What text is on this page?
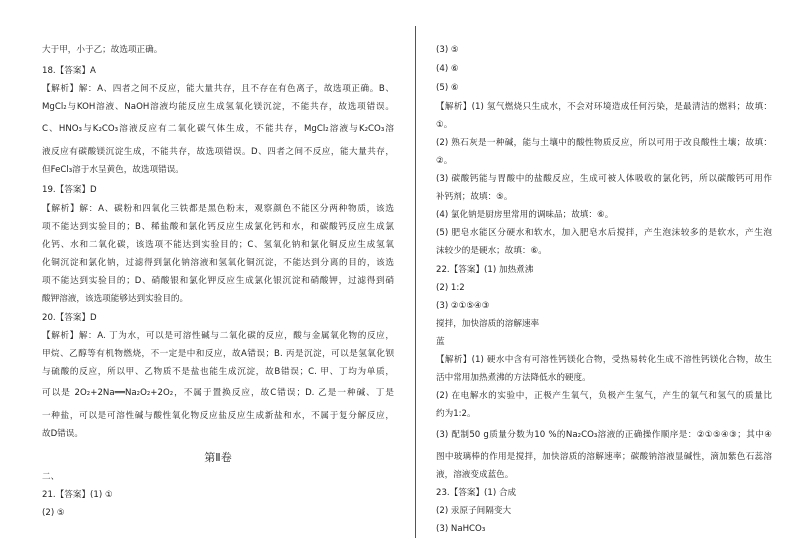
大于甲，小于乙；故选项正确。
18.【答案】A
【解析】解：A、四者之间不反应，能大量共存，且不存在有色离子，故选项正确。B、
MgCl₂与KOH溶液、NaOH溶液均能反应生成氢氧化镁沉淀，不能共存，故选项错误。
C、HNO₃与K₂CO₃溶液反应有二氧化碳气体生成，不能共存，MgCl₂溶液与K₂CO₃溶
液反应有碳酸镁沉淀生成，不能共存，故选项错误。D、四者之间不反应，能大量共存，
但FeCl₃溶于水呈黄色，故选项错误。
19.【答案】D
【解析】解：A、碳粉和四氧化三铁都是黑色粉末，观察颜色不能区分两种物质，该选
项不能达到实验目的；B、稀盐酸和氯化钙反应生成氯化钙和水，和碳酸钙反应生成氯
化钙、水和二氧化碳，该选项不能达到实验目的；C、氢氧化钠和氯化铜反应生成氢氧
化铜沉淀和氯化钠，过滤得到氯化钠溶液和氢氧化铜沉淀，不能达到分离的目的，该选
项不能达到实验目的；D、硝酸银和氯化钾反应生成氯化银沉淀和硝酸钾，过滤得到硝
酸钾溶液，该选项能够达到实验目的。
20.【答案】D
【解析】解：A. 丁为水，可以是可溶性碱与二氧化碳的反应，酸与金属氧化物的反应，
甲烷、乙醇等有机物燃烧，不一定是中和反应，故A错误；B. 丙是沉淀，可以是氢氧化钡
与硫酸的反应，所以甲、乙物质不是盐也能生成沉淀，故B错误；C. 甲、丁均为单质，
可以是 2O₂+2Na══Na₂O₂+2O₂，不属于置换反应，故C错误；D. 乙是一种碱、丁是
一种盐，可以是可溶性碱与酸性氧化物反应盐反应生成新盐和水，不属于复分解反应，
故D错误。
第Ⅱ卷
二、
21.【答案】(1) ①
(2) ⑤
(3) ⑤
(4) ⑥
(5) ⑥
【解析】(1) 氢气燃烧只生成水，不会对环境造成任何污染，是最清洁的燃料；故填：
①。
(2) 熟石灰是一种碱，能与土壤中的酸性物质反应，所以可用于改良酸性土壤；故填：
②。
(3) 碳酸钙能与胃酸中的盐酸反应，生成可被人体吸收的氯化钙，所以碳酸钙可用作
补钙剂；故填：⑤。
(4) 氯化钠是厨房里常用的调味品；故填：⑥。
(5) 肥皂水能区分硬水和软水，加入肥皂水后搅拌，产生泡沫较多的是软水，产生泡
沫较少的是硬水；故填：⑥。
22.【答案】(1) 加热煮沸
(2) 1:2
(3) ②①⑤④③
搅拌，加快溶质的溶解速率
蓝
【解析】(1) 硬水中含有可溶性钙镁化合物，受热易转化生成不溶性钙镁化合物，故生
活中常用加热煮沸的方法降低水的硬度。
(2) 在电解水的实验中，正极产生氧气，负极产生氢气，产生的氧气和氢气的质量比
约为1:2。
(3) 配制50 g质量分数为10 %的Na₂CO₃溶液的正确操作顺序是：②①⑤④③；其中④
图中玻璃棒的作用是搅拌，加快溶质的溶解速率；碳酸钠溶液显碱性，滴加紫色石蕊溶
液，溶液变成蓝色。
23.【答案】(1) 合成
(2) 汞原子间隔变大
(3) NaHCO₃
